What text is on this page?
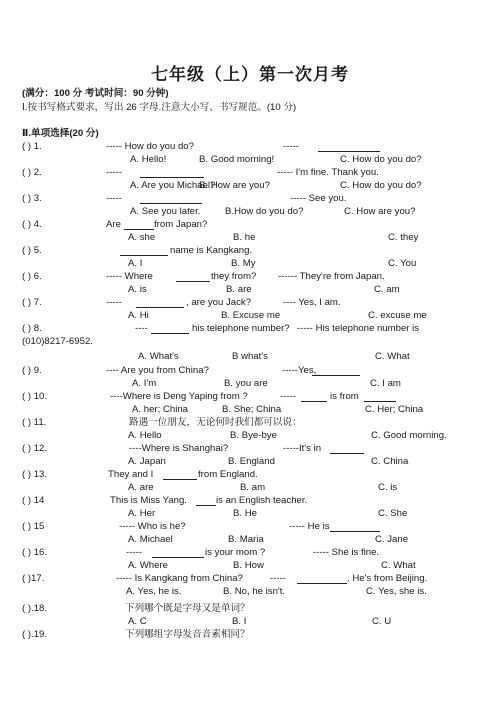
七年级（上）第一次月考
(满分：100 分 考试时间：90 分钟)
Ⅰ.按书写格式要求，写出 26 字母.注意大小写、书写规范。(10 分)
Ⅱ.单项选择(20 分)
( ) 1.	----- How do you do?	-----
A. Hello!	B. Good morning!	C. How do you do?
( ) 2.	-----	----- I'm fine. Thank you.
A. Are you Michael?
B. How are you?	C. How do you do?
( ) 3.	-----	----- See you.
A. See you later.	B.How do you do?	C. How are you?
( ) 4.	Are	from Japan?
A. she	B. he	C. they
( ) 5.	name is Kangkang.
A. I	B. My	C. You
( ) 6.	----- Where	they from? ------ They're from Japan.
A. is	B. are	C. am
( ) 7.	-----	, are you Jack?	---- Yes, I am.
A. Hi	B. Excuse me	C. excuse me
( ) 8.	----	his telephone number? ----- His telephone number is
(010)8217-6952.
A. What's	B what's	C. What
( ) 9.	---- Are you from China?	-----Yes,
A. I'm	B. you are	C. I am
( ) 10.	----Where is Deng Yaping from ?	-----	is from
A. her; China	B. She; China	C. Her; China
( ) 11.	路遇一位朋友，无论何时我们都可以说：
A. Hello	B. Bye-bye	C. Good morning.
( ) 12.	----Where is Shanghai?	-----It's in
A. Japan	B. England	C. China
( ) 13.	They and I	from England.
A. are	B. am	C. is
( ) 14	This is Miss Yang.	is an English teacher.
A. Her	B. He	C. She
( ) 15	----- Who is he?	----- He is
A. Michael	B. Maria	C. Jane
( ) 16.	-----	is your mom ?	----- She is fine.
A. Where	B. How	C. What
( )17.	----- Is Kangkang from China?	-----	. He's from Beijing.
A. Yes, he is.	B. No, he isn't.	C. Yes, she is.
( ).18.	下列哪个既是字母又是单词？
A. C	B. I	C. U
( ).19.	下列哪组字母发音音素相同？
